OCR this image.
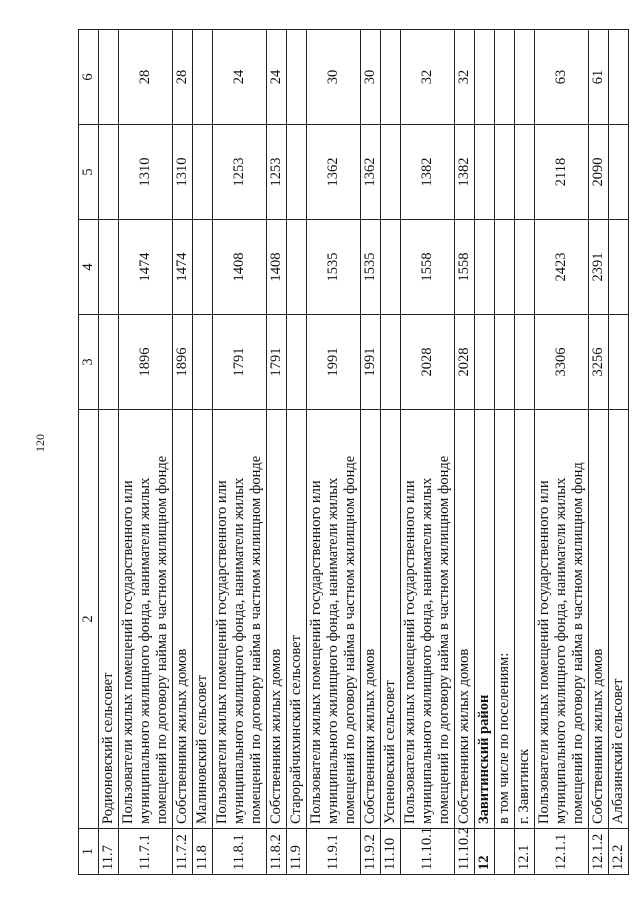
120
1	2	3	4	5	6
11.7	Родионовский сельсовет				
11.7.1	Пользователи жилых помещений государственного или муниципального жилищного фонда, наниматели жилых помещений по договору найма в частном жилищном фонде	1896	1474	1310	28
11.7.2	Собственники жилых домов	1896	1474	1310	28
11.8	Малиновский сельсовет				
11.8.1	Пользователи жилых помещений государственного или муниципального жилищного фонда, наниматели жилых помещений по договору найма в частном жилищном фонде	1791	1408	1253	24
11.8.2	Собственники жилых домов	1791	1408	1253	24
11.9	Старорайчихинский сельсовет				
11.9.1	Пользователи жилых помещений государственного или муниципального жилищного фонда, наниматели жилых помещений по договору найма в частном жилищном фонде	1991	1535	1362	30
11.9.2	Собственники жилых домов	1991	1535	1362	30
11.10	Успеновский сельсовет				
11.10.1	Пользователи жилых помещений государственного или муниципального жилищного фонда, наниматели жилых помещений по договору найма в частном жилищном фонде	2028	1558	1382	32
11.10.2	Собственники жилых домов	2028	1558	1382	32
12	Завитинский район				
	в том числе по поселениям:				
12.1	г. Завитинск				
12.1.1	Пользователи жилых помещений государственного или муниципального жилищного фонда, наниматели жилых помещений по договору найма в частном жилищном фонд	3306	2423	2118	63
12.1.2	Собственники жилых домов	3256	2391	2090	61
12.2	Албазинский сельсовет				
